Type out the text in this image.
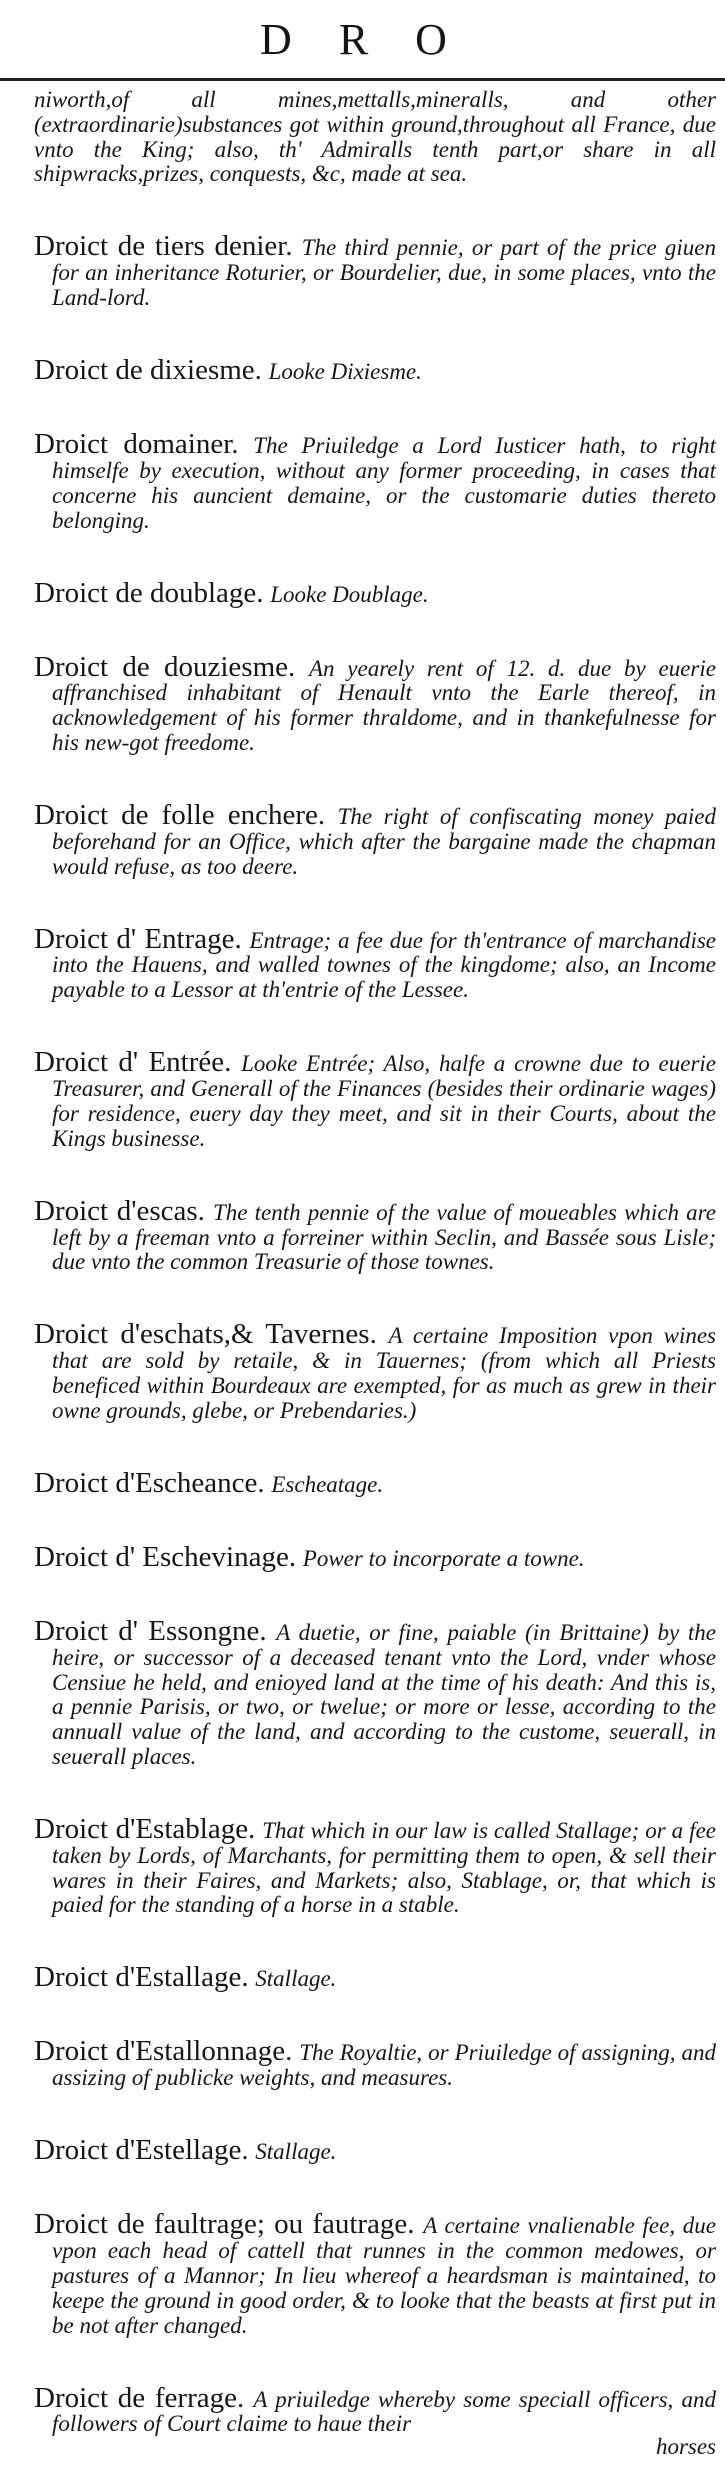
D R O

niworth,of all mines,mettalls,mineralls, and other (extraordinarie)substances got within ground,throughout all France, due vnto the King; also, th' Admiralls tenth part,or share in all shipwracks,prizes, conquests, &c, made at sea.

Droict de tiers denier. The third pennie, or part of the price giuen for an inheritance Roturier, or Bourdelier, due, in some places, vnto the Land-lord.

Droict de dixiesme. Looke Dixiesme.

Droict domainer. The Priuiledge a Lord Iusticer hath, to right himselfe by execution, without any former proceeding, in cases that concerne his auncient demaine, or the customarie duties thereto belonging.

Droict de doublage. Looke Doublage.

Droict de douziesme. An yearely rent of 12. d. due by euerie affranchised inhabitant of Henault vnto the Earle thereof, in acknowledgement of his former thraldome, and in thankefulnesse for his new-got freedome.

Droict de folle enchere. The right of confiscating money paied beforehand for an Office, which after the bargaine made the chapman would refuse, as too deere.

Droict d' Entrage. Entrage; a fee due for th'entrance of marchandise into the Hauens, and walled townes of the kingdome; also, an Income payable to a Lessor at th'entrie of the Lessee.

Droict d' Entrée. Looke Entrée; Also, halfe a crowne due to euerie Treasurer, and Generall of the Finances (besides their ordinarie wages) for residence, euery day they meet, and sit in their Courts, about the Kings businesse.

Droict d'escas. The tenth pennie of the value of moueables which are left by a freeman vnto a forreiner within Seclin, and Bassée sous Lisle; due vnto the common Treasurie of those townes.

Droict d'eschats,& Tavernes. A certaine Imposition vpon wines that are sold by retaile, & in Tauernes; (from which all Priests beneficed within Bourdeaux are exempted, for as much as grew in their owne grounds, glebe, or Prebendaries.)

Droict d'Escheance. Escheatage.

Droict d' Eschevinage. Power to incorporate a towne.

Droict d' Essongne. A duetie, or fine, paiable (in Brittaine) by the heire, or successor of a deceased tenant vnto the Lord, vnder whose Censiue he held, and enioyed land at the time of his death: And this is, a pennie Parisis, or two, or twelue; or more or lesse, according to the annuall value of the land, and according to the custome, seuerall, in seuerall places.

Droict d'Establage. That which in our law is called Stallage; or a fee taken by Lords, of Marchants, for permitting them to open, & sell their wares in their Faires, and Markets; also, Stablage, or, that which is paied for the standing of a horse in a stable.

Droict d'Estallage. Stallage.

Droict d'Estallonnage. The Royaltie, or Priuiledge of assigning, and assizing of publicke weights, and measures.

Droict d'Estellage. Stallage.

Droict de faultrage; ou fautrage. A certaine vnalienable fee, due vpon each head of cattell that runnes in the common medowes, or pastures of a Mannor; In lieu whereof a heardsman is maintained, to keepe the ground in good order, & to looke that the beasts at first put in be not after changed.

Droict de ferrage. A priuiledge whereby some speciall officers, and followers of Court claime to haue their
horses
